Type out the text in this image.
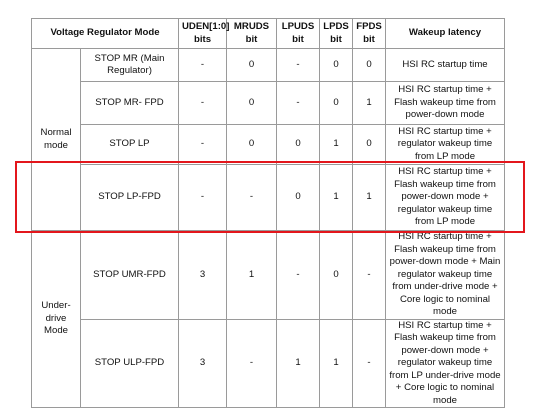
Voltage Regulator Mode		UDEN[1:0] bits	MRUDS bit	LPUDS bit	LPDS bit	FPDS bit	Wakeup latency
Normal mode	STOP MR (Main Regulator)	-	0	-	0	0	HSI RC startup time
	STOP MR- FPD	-	0	-	0	1	HSI RC startup time + Flash wakeup time from power-down mode
	STOP LP	-	0	0	1	0	HSI RC startup time + regulator wakeup time from LP mode
	STOP LP-FPD	-	-	0	1	1	HSI RC startup time + Flash wakeup time from power-down mode + regulator wakeup time from LP mode
Under-drive Mode	STOP UMR-FPD	3	1	-	0	-	HSI RC startup time + Flash wakeup time from power-down mode + Main regulator wakeup time from under-drive mode + Core logic to nominal mode
	STOP ULP-FPD	3	-	1	1	-	HSI RC startup time + Flash wakeup time from power-down mode + regulator wakeup time from LP under-drive mode + Core logic to nominal mode
